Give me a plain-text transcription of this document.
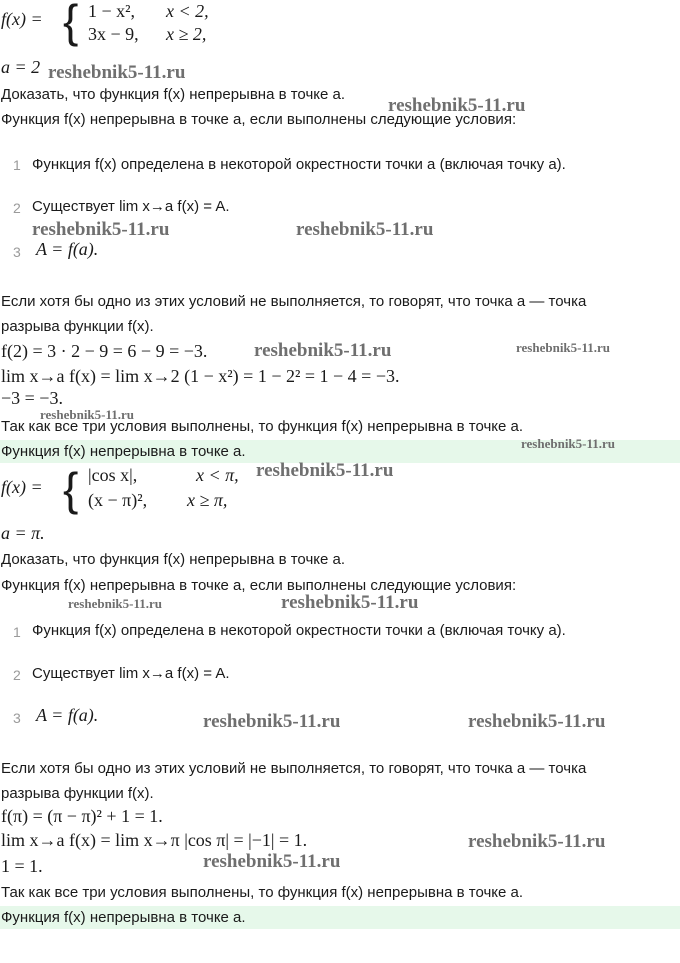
f(x) = { 1 − x², x < 2,
3x − 9, x ≥ 2,
a = 2
Доказать, что функция f(x) непрерывна в точке a.
Функция f(x) непрерывна в точке a, если выполнены следующие условия:
1 Функция f(x) определена в некоторой окрестности точки a (включая точку a).
2 Существует lim x→a f(x) = A.
3 A = f(a).
Если хотя бы одно из этих условий не выполняется, то говорят, что точка a — точка
разрыва функции f(x).
f(2) = 3 · 2 − 9 = 6 − 9 = −3.
lim x→a f(x) = lim x→2 (1 − x²) = 1 − 2² = 1 − 4 = −3.
−3 = −3.
Так как все три условия выполнены, то функция f(x) непрерывна в точке a.
Функция f(x) непрерывна в точке a.
f(x) = { |cos x|,	x < π,
(x − π)², x ≥ π,
a = π.
Доказать, что функция f(x) непрерывна в точке a.
Функция f(x) непрерывна в точке a, если выполнены следующие условия:
1 Функция f(x) определена в некоторой окрестности точки a (включая точку a).
2 Существует lim x→a f(x) = A.
3 A = f(a).
Если хотя бы одно из этих условий не выполняется, то говорят, что точка a — точка
разрыва функции f(x).
f(π) = (π − π)² + 1 = 1.
lim x→a f(x) = lim x→π |cos π| = |−1| = 1.
1 = 1.
Так как все три условия выполнены, то функция f(x) непрерывна в точке a.
Функция f(x) непрерывна в точке a.
reshebnik5-11.ru
reshebnik5-11.ru
reshebnik5-11.ru	reshebnik5-11.ru
reshebnik5-11.ru	reshebnik5-11.ru
reshebnik5-11.ru
reshebnik5-11.ru
reshebnik5-11.ru
reshebnik5-11.ru	reshebnik5-11.ru
reshebnik5-11.ru	reshebnik5-11.ru
reshebnik5-11.ru
reshebnik5-11.ru
